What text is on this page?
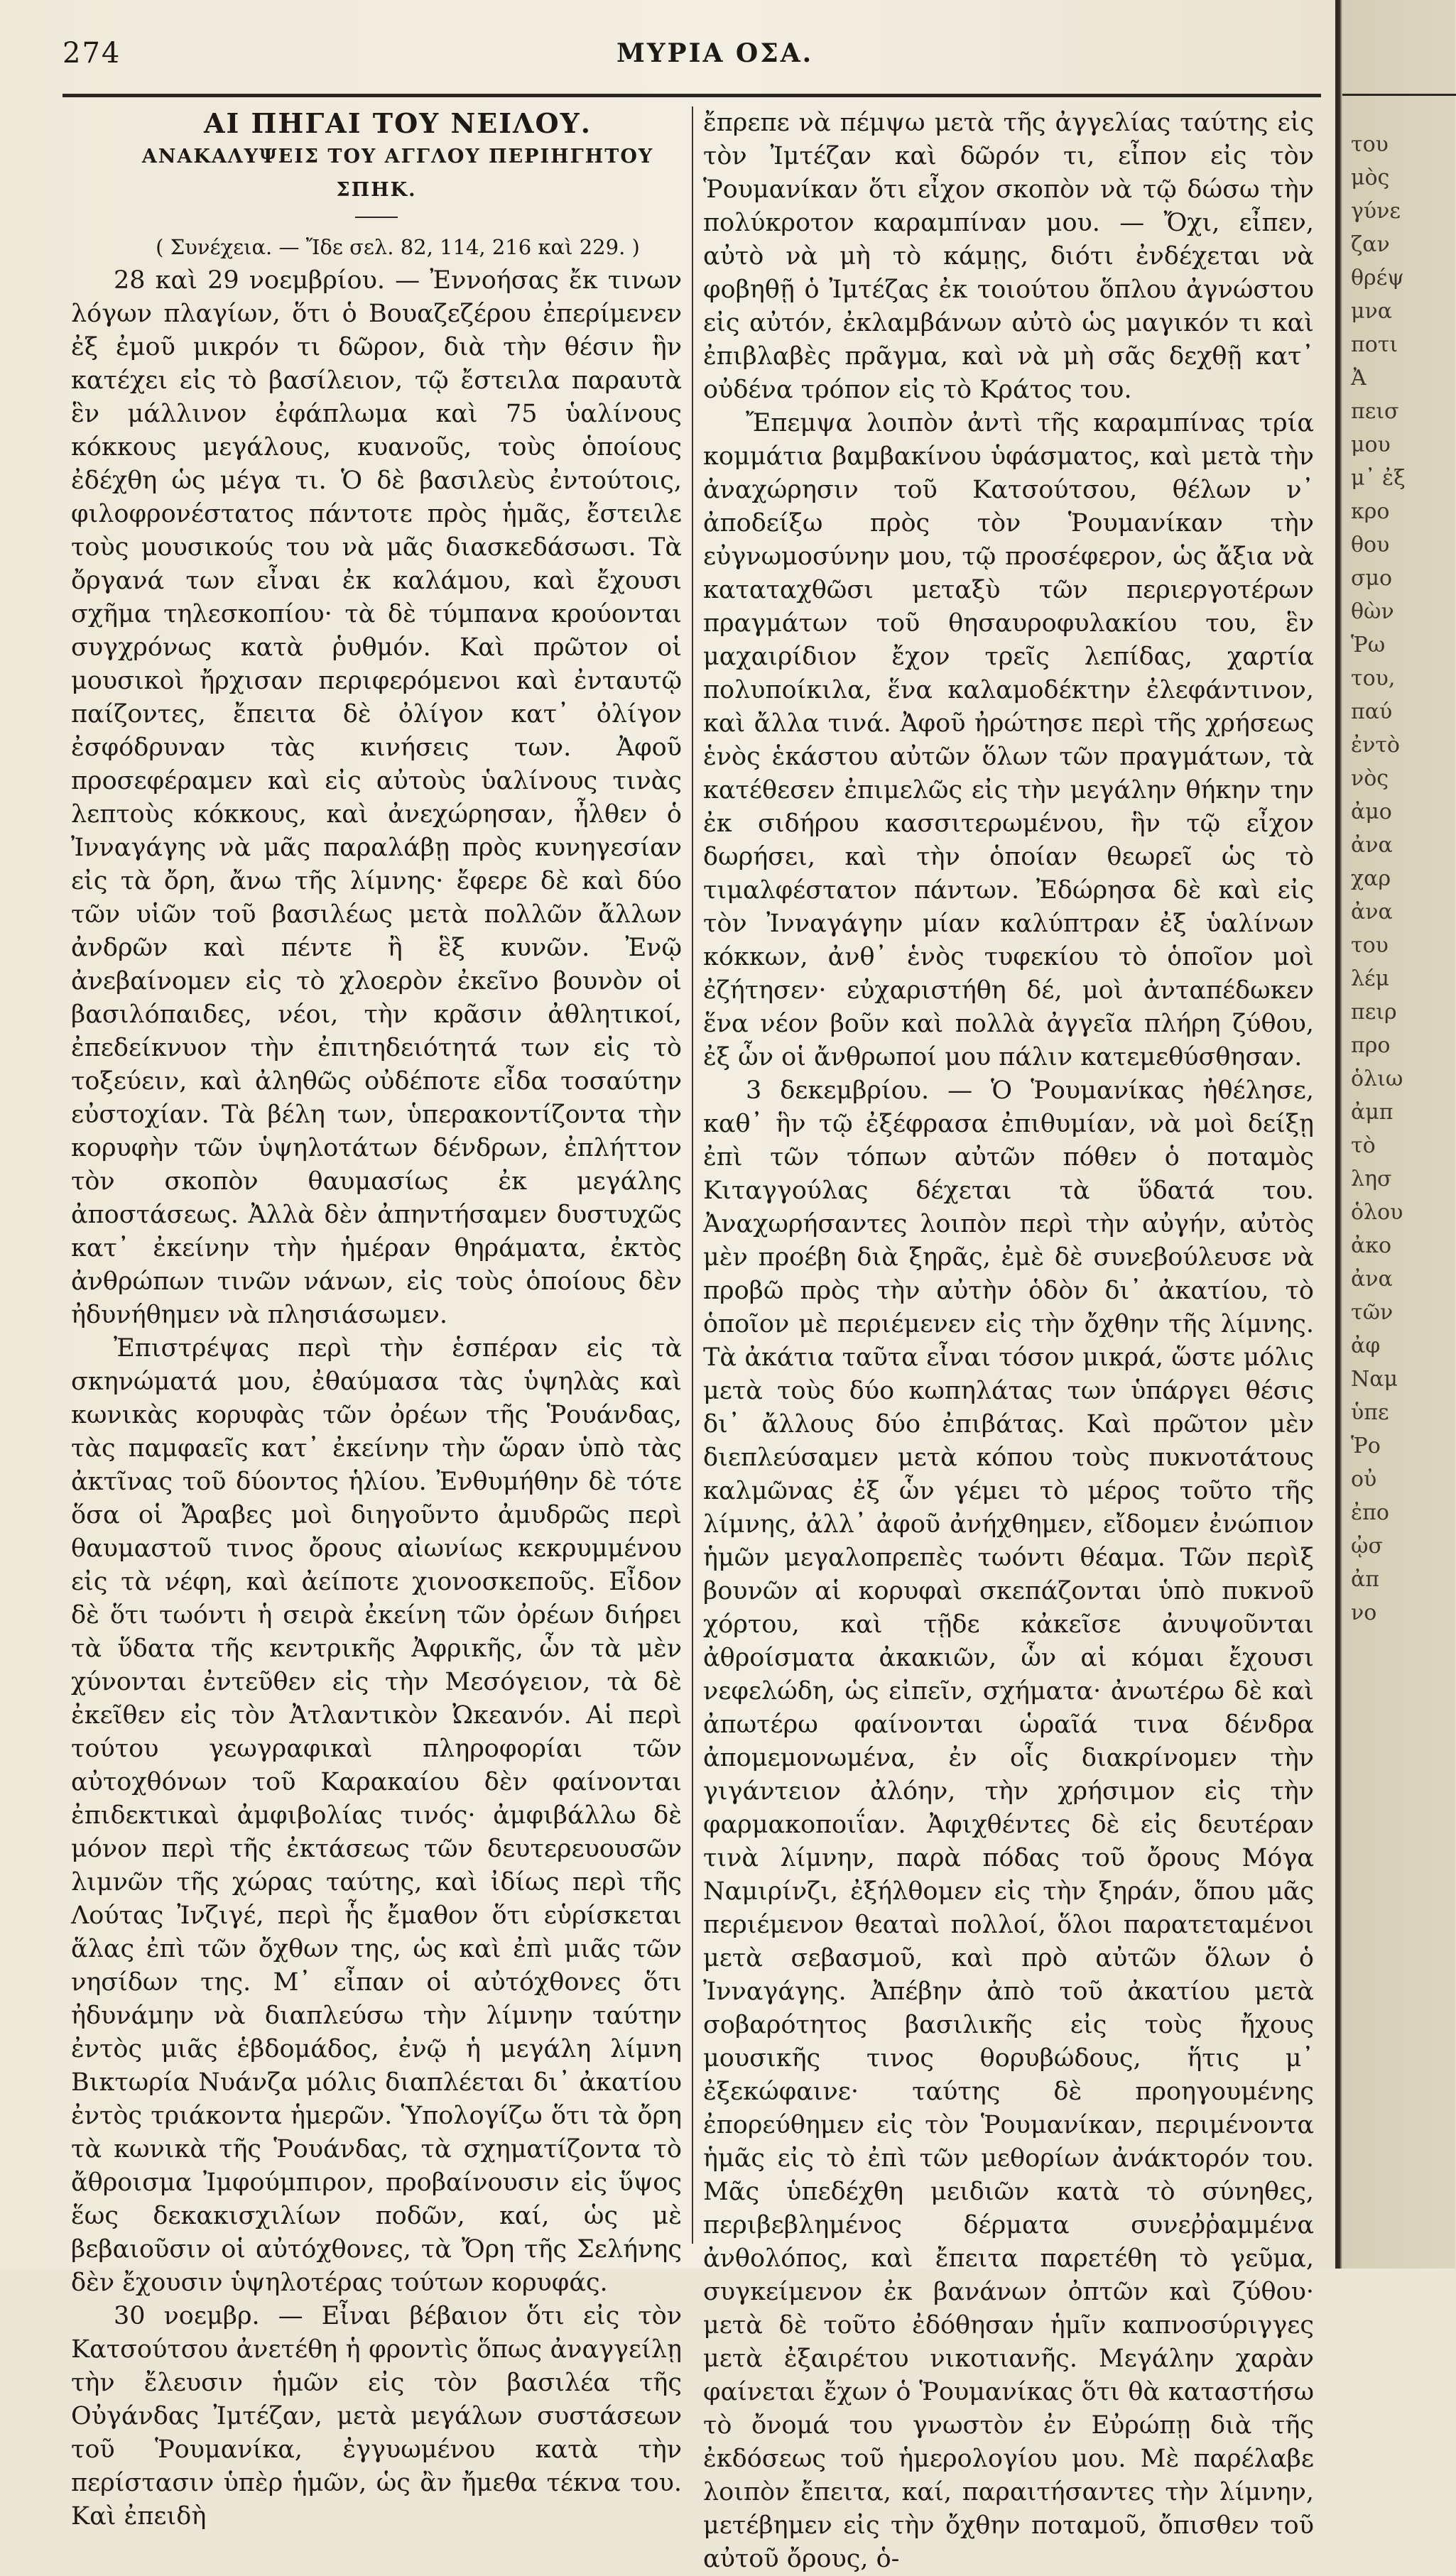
274	ΜΥΡΙΑ ΟΣΑ.

ΑΙ ΠΗΓΑΙ ΤΟΥ ΝΕΙΛΟΥ.

ΑΝΑΚΑΛΥΨΕΙΣ ΤΟΥ ΑΓΓΛΟΥ ΠΕΡΙΗΓΗΤΟΥ ΣΠΗΚ.

( Συνέχεια. — Ἴδε σελ. 82, 114, 216 καὶ 229. )

28 καὶ 29 νοεμβρίου. — Ἐννοήσας ἔκ τινων λόγων πλαγίων, ὅτι ὁ Βουαζεζέρου ἐπερίμενεν ἐξ ἐμοῦ μικρόν τι δῶρον, διὰ τὴν θέσιν ἣν κατέχει εἰς τὸ βασίλειον, τῷ ἔστειλα παραυτὰ ἓν μάλλινον ἐφάπλωμα καὶ 75 ὑαλίνους κόκκους μεγάλους, κυανοῦς, τοὺς ὁποίους ἐδέχθη ὡς μέγα τι. Ὁ δὲ βασιλεὺς ἐντούτοις, φιλοφρονέστατος πάντοτε πρὸς ἡμᾶς, ἔστειλε τοὺς μουσικούς του νὰ μᾶς διασκεδάσωσι. Τὰ ὄργανά των εἶναι ἐκ καλάμου, καὶ ἔχουσι σχῆμα τηλεσκοπίου· τὰ δὲ τύμπανα κρούονται συγχρόνως κατὰ ῥυθμόν. Καὶ πρῶτον οἱ μουσικοὶ ἤρχισαν περιφερόμενοι καὶ ἐνταυτῷ παίζοντες, ἔπειτα δὲ ὀλίγον κατ᾽ ὀλίγον ἐσφόδρυναν τὰς κινήσεις των. Ἀφοῦ προσεφέραμεν καὶ εἰς αὐτοὺς ὑαλίνους τινὰς λεπτοὺς κόκκους, καὶ ἀνεχώρησαν, ἦλθεν ὁ Ἰνναγάγης νὰ μᾶς παραλάβῃ πρὸς κυνηγεσίαν εἰς τὰ ὄρη, ἄνω τῆς λίμνης· ἔφερε δὲ καὶ δύο τῶν υἱῶν τοῦ βασιλέως μετὰ πολλῶν ἄλλων ἀνδρῶν καὶ πέντε ἢ ἓξ κυνῶν. Ἐνῷ ἀνεβαίνομεν εἰς τὸ χλοερὸν ἐκεῖνο βουνὸν οἱ βασιλόπαιδες, νέοι, τὴν κρᾶσιν ἀθλητικοί, ἐπεδείκνυον τὴν ἐπιτηδειότητά των εἰς τὸ τοξεύειν, καὶ ἀληθῶς οὐδέποτε εἶδα τοσαύτην εὐστοχίαν. Τὰ βέλη των, ὑπερακοντίζοντα τὴν κορυφὴν τῶν ὑψηλοτάτων δένδρων, ἐπλήττον τὸν σκοπὸν θαυμασίως ἐκ μεγάλης ἀποστάσεως. Ἀλλὰ δὲν ἀπηντήσαμεν δυστυχῶς κατ᾽ ἐκείνην τὴν ἡμέραν θηράματα, ἐκτὸς ἀνθρώπων τινῶν νάνων, εἰς τοὺς ὁποίους δὲν ἠδυνήθημεν νὰ πλησιάσωμεν.

Ἐπιστρέψας περὶ τὴν ἑσπέραν εἰς τὰ σκηνώματά μου, ἐθαύμασα τὰς ὑψηλὰς καὶ κωνικὰς κορυφὰς τῶν ὀρέων τῆς Ῥουάνδας, τὰς παμφαεῖς κατ᾽ ἐκείνην τὴν ὥραν ὑπὸ τὰς ἀκτῖνας τοῦ δύοντος ἡλίου. Ἐνθυμήθην δὲ τότε ὅσα οἱ Ἄραβες μοὶ διηγοῦντο ἀμυδρῶς περὶ θαυμαστοῦ τινος ὄρους αἰωνίως κεκρυμμένου εἰς τὰ νέφη, καὶ ἀείποτε χιονοσκεποῦς. Εἶδον δὲ ὅτι τωόντι ἡ σειρὰ ἐκείνη τῶν ὀρέων διήρει τὰ ὕδατα τῆς κεντρικῆς Ἀφρικῆς, ὧν τὰ μὲν χύνονται ἐντεῦθεν εἰς τὴν Μεσόγειον, τὰ δὲ ἐκεῖθεν εἰς τὸν Ἀτλαντικὸν Ὠκεανόν. Αἱ περὶ τούτου γεωγραφικαὶ πληροφορίαι τῶν αὐτοχθόνων τοῦ Καρακαίου δὲν φαίνονται ἐπιδεκτικαὶ ἀμφιβολίας τινός· ἀμφιβάλλω δὲ μόνον περὶ τῆς ἐκτάσεως τῶν δευτερευουσῶν λιμνῶν τῆς χώρας ταύτης, καὶ ἰδίως περὶ τῆς Λούτας Ἰνζιγέ, περὶ ἧς ἔμαθον ὅτι εὑρίσκεται ἅλας ἐπὶ τῶν ὄχθων της, ὡς καὶ ἐπὶ μιᾶς τῶν νησίδων της. Μ᾽ εἶπαν οἱ αὐτόχθονες ὅτι ἠδυνάμην νὰ διαπλεύσω τὴν λίμνην ταύτην ἐντὸς μιᾶς ἑβδομάδος, ἐνῷ ἡ μεγάλη λίμνη Βικτωρία Νυάνζα μόλις διαπλέεται δι᾽ ἀκατίου ἐντὸς τριάκοντα ἡμερῶν. Ὑπολογίζω ὅτι τὰ ὄρη τὰ κωνικὰ τῆς Ῥουάνδας, τὰ σχηματίζοντα τὸ ἄθροισμα Ἰμφούμπιρον, προβαίνουσιν εἰς ὕψος ἕως δεκακισχιλίων ποδῶν, καί, ὡς μὲ βεβαιοῦσιν οἱ αὐτόχθονες, τὰ Ὄρη τῆς Σελήνης δὲν ἔχουσιν ὑψηλοτέρας τούτων κορυφάς.

30 νοεμβρ. — Εἶναι βέβαιον ὅτι εἰς τὸν Κατσούτσου ἀνετέθη ἡ φροντὶς ὅπως ἀναγγείλῃ τὴν ἔλευσιν ἡμῶν εἰς τὸν βασιλέα τῆς Οὐγάνδας Ἰμτέζαν, μετὰ μεγάλων συστάσεων τοῦ Ῥουμανίκα, ἐγγυωμένου κατὰ τὴν περίστασιν ὑπὲρ ἡμῶν, ὡς ἂν ἤμεθα τέκνα του. Καὶ ἐπειδὴ

ἔπρεπε νὰ πέμψω μετὰ τῆς ἀγγελίας ταύτης εἰς τὸν Ἰμτέζαν καὶ δῶρόν τι, εἶπον εἰς τὸν Ῥουμανίκαν ὅτι εἶχον σκοπὸν νὰ τῷ δώσω τὴν πολύκροτον καραμπίναν μου. — Ὄχι, εἶπεν, αὐτὸ νὰ μὴ τὸ κάμῃς, διότι ἐνδέχεται νὰ φοβηθῇ ὁ Ἰμτέζας ἐκ τοιούτου ὅπλου ἀγνώστου εἰς αὐτόν, ἐκλαμβάνων αὐτὸ ὡς μαγικόν τι καὶ ἐπιβλαβὲς πρᾶγμα, καὶ νὰ μὴ σᾶς δεχθῇ κατ᾽ οὐδένα τρόπον εἰς τὸ Κράτος του.

Ἔπεμψα λοιπὸν ἀντὶ τῆς καραμπίνας τρία κομμάτια βαμβακίνου ὑφάσματος, καὶ μετὰ τὴν ἀναχώρησιν τοῦ Κατσούτσου, θέλων ν᾽ ἀποδείξω πρὸς τὸν Ῥουμανίκαν τὴν εὐγνωμοσύνην μου, τῷ προσέφερον, ὡς ἄξια νὰ καταταχθῶσι μεταξὺ τῶν περιεργοτέρων πραγμάτων τοῦ θησαυροφυλακίου του, ἓν μαχαιρίδιον ἔχον τρεῖς λεπίδας, χαρτία πολυποίκιλα, ἕνα καλαμοδέκτην ἐλεφάντινον, καὶ ἄλλα τινά. Ἀφοῦ ἠρώτησε περὶ τῆς χρήσεως ἑνὸς ἑκάστου αὐτῶν ὅλων τῶν πραγμάτων, τὰ κατέθεσεν ἐπιμελῶς εἰς τὴν μεγάλην θήκην την ἐκ σιδήρου κασσιτερωμένου, ἣν τῷ εἶχον δωρήσει, καὶ τὴν ὁποίαν θεωρεῖ ὡς τὸ τιμαλφέστατον πάντων. Ἐδώρησα δὲ καὶ εἰς τὸν Ἰνναγάγην μίαν καλύπτραν ἐξ ὑαλίνων κόκκων, ἀνθ᾽ ἑνὸς τυφεκίου τὸ ὁποῖον μοὶ ἐζήτησεν· εὐχαριστήθη δέ, μοὶ ἀνταπέδωκεν ἕνα νέον βοῦν καὶ πολλὰ ἀγγεῖα πλήρη ζύθου, ἐξ ὧν οἱ ἄνθρωποί μου πάλιν κατεμεθύσθησαν.

3 δεκεμβρίου. — Ὁ Ῥουμανίκας ἠθέλησε, καθ᾽ ἣν τῷ ἐξέφρασα ἐπιθυμίαν, νὰ μοὶ δείξῃ ἐπὶ τῶν τόπων αὐτῶν πόθεν ὁ ποταμὸς Κιταγγούλας δέχεται τὰ ὕδατά του. Ἀναχωρήσαντες λοιπὸν περὶ τὴν αὐγήν, αὐτὸς μὲν προέβη διὰ ξηρᾶς, ἐμὲ δὲ συνεβούλευσε νὰ προβῶ πρὸς τὴν αὐτὴν ὁδὸν δι᾽ ἀκατίου, τὸ ὁποῖον μὲ περιέμενεν εἰς τὴν ὄχθην τῆς λίμνης. Τὰ ἀκάτια ταῦτα εἶναι τόσον μικρά, ὥστε μόλις μετὰ τοὺς δύο κωπηλάτας των ὑπάργει θέσις δι᾽ ἄλλους δύο ἐπιβάτας. Καὶ πρῶτον μὲν διεπλεύσαμεν μετὰ κόπου τοὺς πυκνοτάτους καλμῶνας ἐξ ὧν γέμει τὸ μέρος τοῦτο τῆς λίμνης, ἀλλ᾽ ἀφοῦ ἀνήχθημεν, εἴδομεν ἐνώπιον ἡμῶν μεγαλοπρεπὲς τωόντι θέαμα. Τῶν περὶξ βουνῶν αἱ κορυφαὶ σκεπάζονται ὑπὸ πυκνοῦ χόρτου, καὶ τῇδε κἀκεῖσε ἀνυψοῦνται ἀθροίσματα ἀκακιῶν, ὧν αἱ κόμαι ἔχουσι νεφελώδη, ὡς εἰπεῖν, σχήματα· ἀνωτέρω δὲ καὶ ἀπωτέρω φαίνονται ὡραῖά τινα δένδρα ἀπομεμονωμένα, ἐν οἷς διακρίνομεν τὴν γιγάντειον ἀλόην, τὴν χρήσιμον εἰς τὴν φαρμακοποιΐαν. Ἀφιχθέντες δὲ εἰς δευτέραν τινὰ λίμνην, παρὰ πόδας τοῦ ὄρους Μόγα Ναμιρίνζι, ἐξήλθομεν εἰς τὴν ξηράν, ὅπου μᾶς περιέμενον θεαταὶ πολλοί, ὅλοι παρατεταμένοι μετὰ σεβασμοῦ, καὶ πρὸ αὐτῶν ὅλων ὁ Ἰνναγάγης. Ἀπέβην ἀπὸ τοῦ ἀκατίου μετὰ σοβαρότητος βασιλικῆς εἰς τοὺς ἤχους μουσικῆς τινος θορυβώδους, ἥτις μ᾽ ἐξεκώφαινε· ταύτης δὲ προηγουμένης ἐπορεύθημεν εἰς τὸν Ῥουμανίκαν, περιμένοντα ἡμᾶς εἰς τὸ ἐπὶ τῶν μεθορίων ἀνάκτορόν του. Μᾶς ὑπεδέχθη μειδιῶν κατὰ τὸ σύνηθες, περιβεβλημένος δέρματα συνεῤῥαμμένα ἀνθολόπος, καὶ ἔπειτα παρετέθη τὸ γεῦμα, συγκείμενον ἐκ βανάνων ὀπτῶν καὶ ζύθου· μετὰ δὲ τοῦτο ἐδόθησαν ἡμῖν καπνοσύριγγες μετὰ ἐξαιρέτου νικοτιανῆς. Μεγάλην χαρὰν φαίνεται ἔχων ὁ Ῥουμανίκας ὅτι θὰ καταστήσω τὸ ὄνομά του γνωστὸν ἐν Εὐρώπῃ διὰ τῆς ἐκδόσεως τοῦ ἡμερολογίου μου. Μὲ παρέλαβε λοιπὸν ἔπειτα, καί, παραιτήσαντες τὴν λίμνην, μετέβημεν εἰς τὴν ὄχθην ποταμοῦ, ὄπισθεν τοῦ αὐτοῦ ὄρους, ὁ-

του
μὸς
γύνε
ζαν
θρέψ
μνα
ποτι
Ἀ
πεισ
μου
μ᾽ ἐξ
κρο
θου
σμο
θὼν
Ῥω
του,
παύ
ἐντὸ
νὸς
ἀμο
ἀνα
χαρ
ἀνα
του
λέμ
πειρ
προ
ὁλιω
ἀμπ
τὸ
λησ
ὁλου
ἀκο
ἀνα
τῶν
ἀφ
Ναμ
ὑπε
Ῥο
οὐ
ἐπο
ᾠσ
ἀπ
νο
